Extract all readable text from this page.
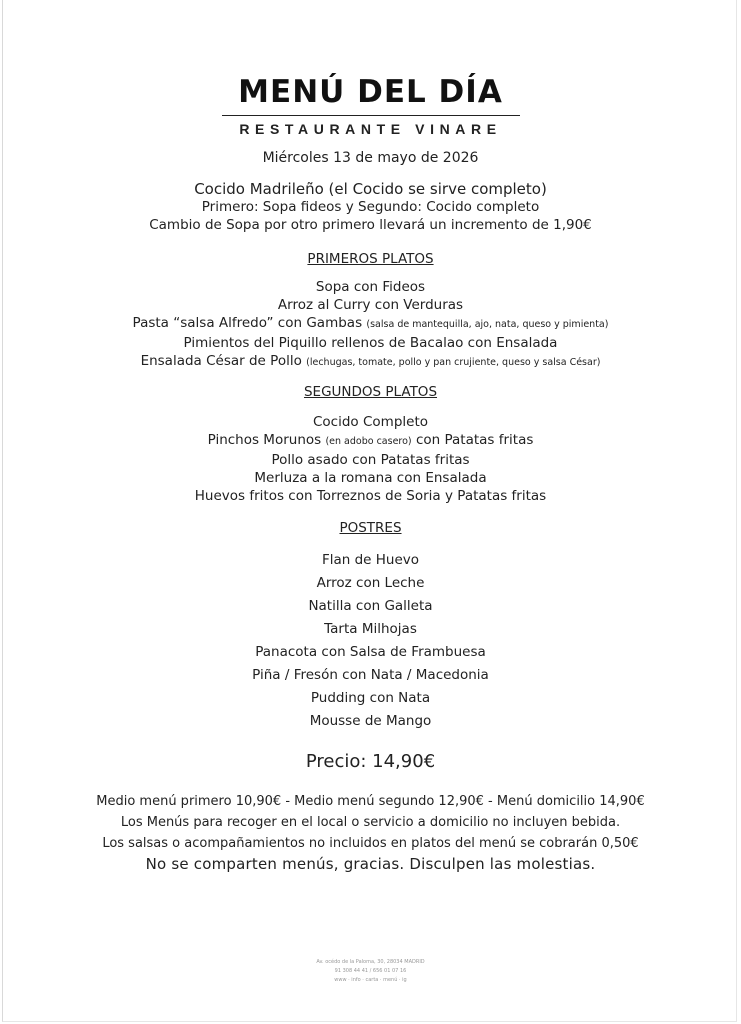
MENÚ DEL DÍA
RESTAURANTE VINARE
Miércoles 13 de mayo de 2026
Cocido Madrileño (el Cocido se sirve completo)
Primero: Sopa fideos y Segundo: Cocido completo
Cambio de Sopa por otro primero llevará un incremento de 1,90€
PRIMEROS PLATOS
Sopa con Fideos
Arroz al Curry con Verduras
Pasta “salsa Alfredo” con Gambas (salsa de mantequilla, ajo, nata, queso y pimienta)
Pimientos del Piquillo rellenos de Bacalao con Ensalada
Ensalada César de Pollo (lechugas, tomate, pollo y pan crujiente, queso y salsa César)
SEGUNDOS PLATOS
Cocido Completo
Pinchos Morunos (en adobo casero) con Patatas fritas
Pollo asado con Patatas fritas
Merluza a la romana con Ensalada
Huevos fritos con Torreznos de Soria y Patatas fritas
POSTRES
Flan de Huevo
Arroz con Leche
Natilla con Galleta
Tarta Milhojas
Panacota con Salsa de Frambuesa
Piña / Fresón con Nata / Macedonia
Pudding con Nata
Mousse de Mango
Precio: 14,90€
Medio menú primero 10,90€ - Medio menú segundo 12,90€ - Menú domicilio 14,90€
Los Menús para recoger en el local o servicio a domicilio no incluyen bebida.
Los salsas o acompañamientos no incluidos en platos del menú se cobrarán 0,50€
No se comparten menús, gracias. Disculpen las molestias.
Av. océdo de la Paloma, 30, 28034 MADRID
91 308 44 41 / 656 01 07 16
www · info · carta · menú · ig
